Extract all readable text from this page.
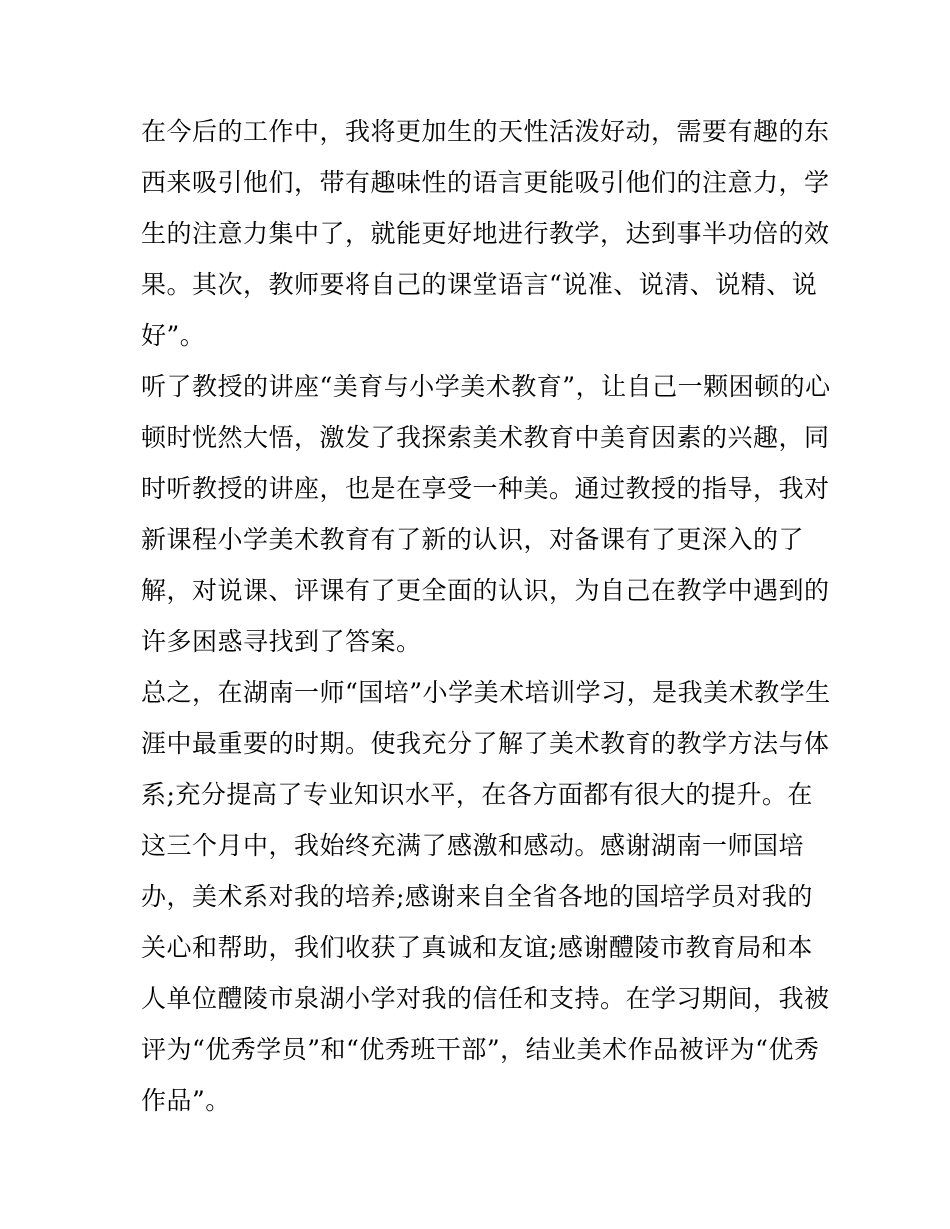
在今后的工作中，我将更加生的天性活泼好动，需要有趣的东
西来吸引他们，带有趣味性的语言更能吸引他们的注意力，学
生的注意力集中了，就能更好地进行教学，达到事半功倍的效
果。其次，教师要将自己的课堂语言“说准、说清、说精、说
好”。
听了教授的讲座“美育与小学美术教育”，让自己一颗困顿的心
顿时恍然大悟，激发了我探索美术教育中美育因素的兴趣，同
时听教授的讲座，也是在享受一种美。通过教授的指导，我对
新课程小学美术教育有了新的认识，对备课有了更深入的了
解，对说课、评课有了更全面的认识，为自己在教学中遇到的
许多困惑寻找到了答案。
总之，在湖南一师“国培”小学美术培训学习，是我美术教学生
涯中最重要的时期。使我充分了解了美术教育的教学方法与体
系;充分提高了专业知识水平，在各方面都有很大的提升。在
这三个月中，我始终充满了感激和感动。感谢湖南一师国培
办，美术系对我的培养;感谢来自全省各地的国培学员对我的
关心和帮助，我们收获了真诚和友谊;感谢醴陵市教育局和本
人单位醴陵市泉湖小学对我的信任和支持。在学习期间，我被
评为“优秀学员”和“优秀班干部”，结业美术作品被评为“优秀
作品”。
